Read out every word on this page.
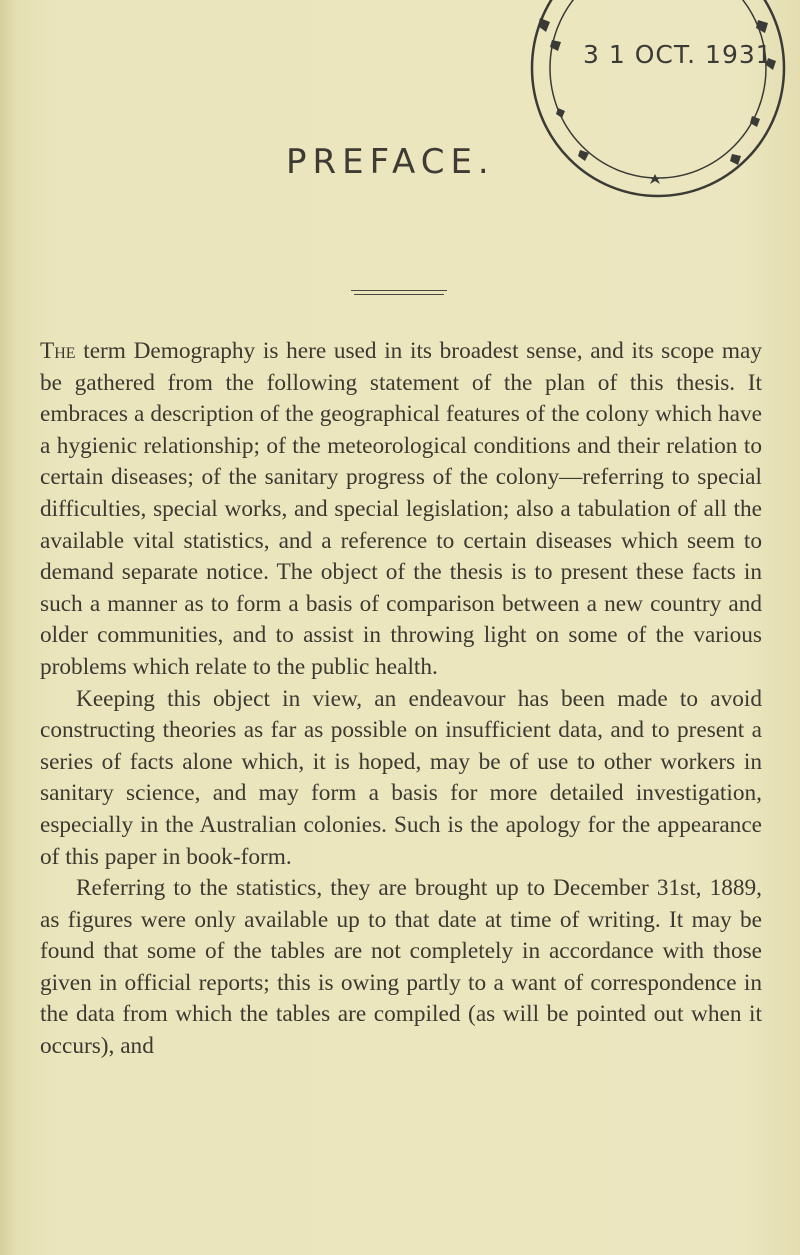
3 1 OCT. 1931
PREFACE.

The term Demography is here used in its broadest sense, and its scope may be gathered from the following statement of the plan of this thesis. It embraces a description of the geographical features of the colony which have a hygienic relationship; of the meteorological conditions and their relation to certain diseases; of the sanitary progress of the colony—referring to special difficulties, special works, and special legislation; also a tabulation of all the available vital statistics, and a reference to certain diseases which seem to demand separate notice. The object of the thesis is to present these facts in such a manner as to form a basis of comparison between a new country and older communities, and to assist in throwing light on some of the various problems which relate to the public health.

Keeping this object in view, an endeavour has been made to avoid constructing theories as far as possible on insufficient data, and to present a series of facts alone which, it is hoped, may be of use to other workers in sanitary science, and may form a basis for more detailed investigation, especially in the Australian colonies. Such is the apology for the appearance of this paper in book-form.

Referring to the statistics, they are brought up to December 31st, 1889, as figures were only available up to that date at time of writing. It may be found that some of the tables are not completely in accordance with those given in official reports; this is owing partly to a want of correspondence in the data from which the tables are compiled (as will be pointed out when it occurs), and
